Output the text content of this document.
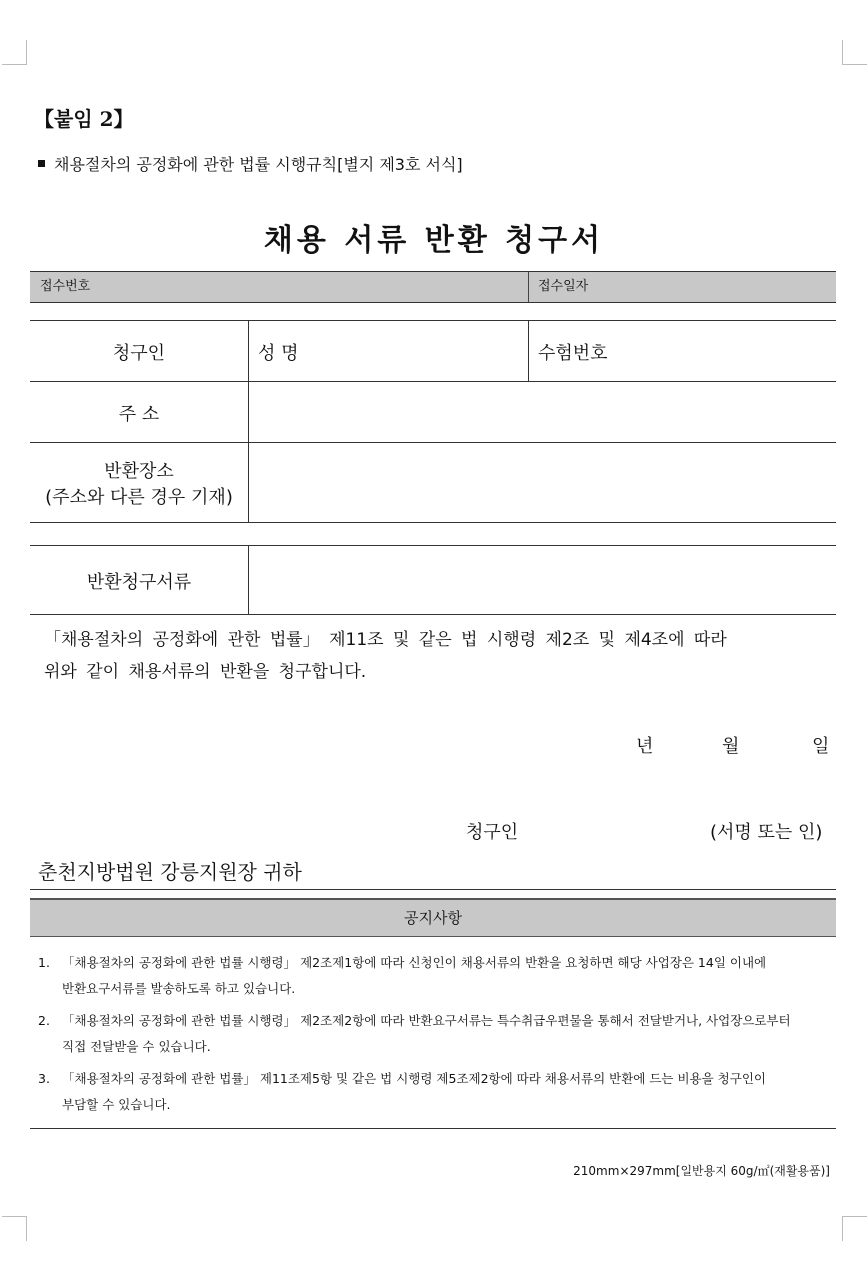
【붙임 2】
채용절차의 공정화에 관한 법률 시행규칙[별지 제3호 서식]
채용 서류 반환 청구서
접수번호	접수일자
청구인	성 명	수험번호
주 소
반환장소
(주소와 다른 경우 기재)
반환청구서류
「채용절차의 공정화에 관한 법률」 제11조 및 같은 법 시행령 제2조 및 제4조에 따라
위와 같이 채용서류의 반환을 청구합니다.
년	월	일
청구인	(서명 또는 인)
춘천지방법원 강릉지원장 귀하
공지사항
1. 「채용절차의 공정화에 관한 법률 시행령」 제2조제1항에 따라 신청인이 채용서류의 반환을 요청하면 해당 사업장은 14일 이내에
반환요구서류를 발송하도록 하고 있습니다.
2. 「채용절차의 공정화에 관한 법률 시행령」 제2조제2항에 따라 반환요구서류는 특수취급우편물을 통해서 전달받거나, 사업장으로부터
직접 전달받을 수 있습니다.
3. 「채용절차의 공정화에 관한 법률」 제11조제5항 및 같은 법 시행령 제5조제2항에 따라 채용서류의 반환에 드는 비용을 청구인이
부담할 수 있습니다.
210mm×297mm[일반용지 60g/㎡(재활용품)]
